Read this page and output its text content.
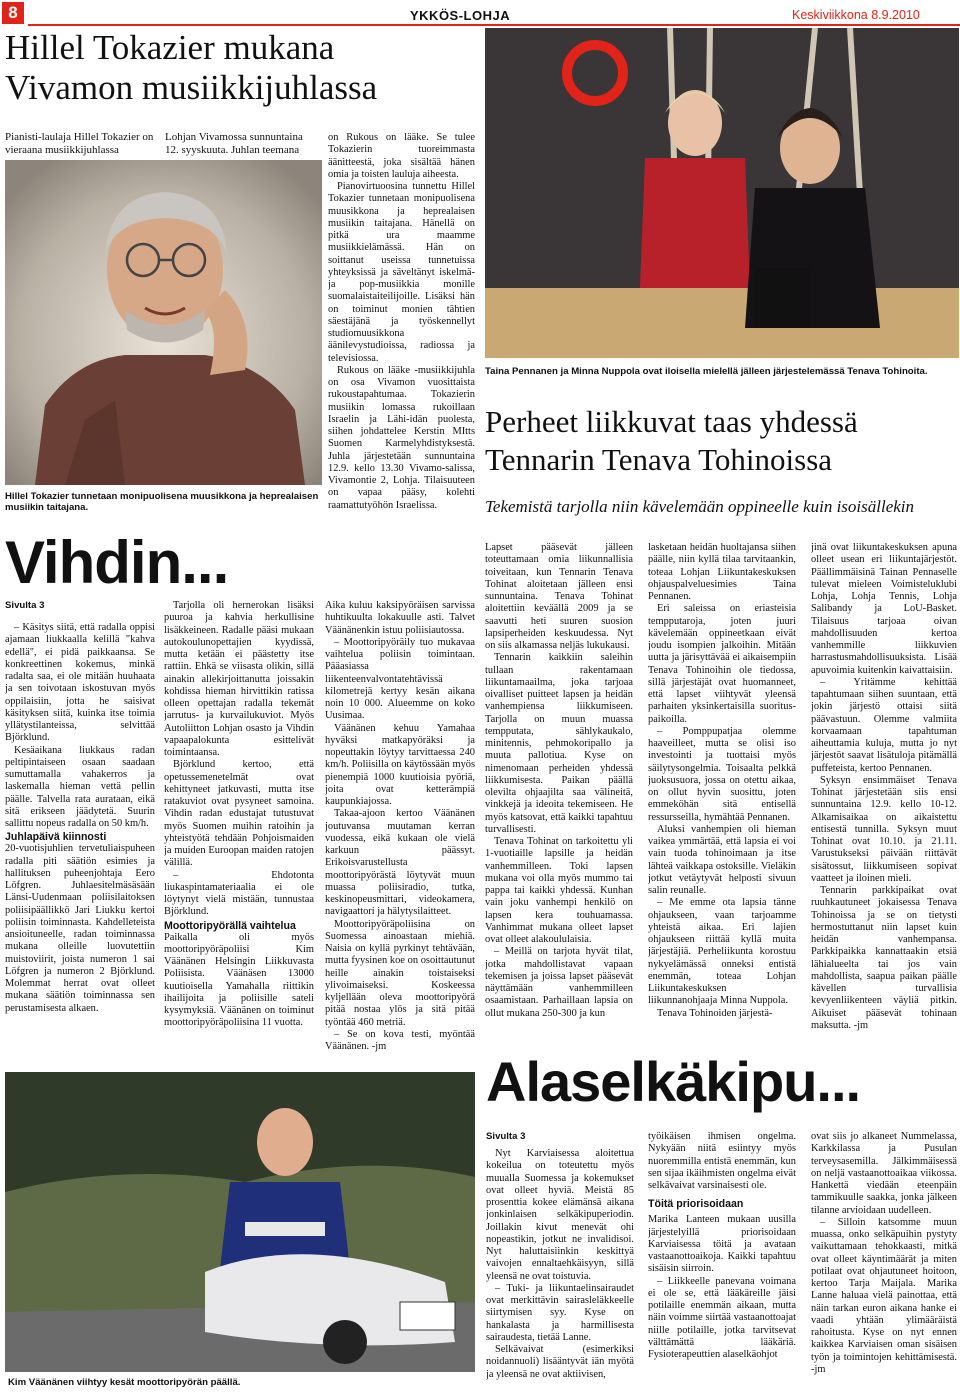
8	YKKÖS-LOHJA	Keskiviikkona 8.9.2010
Hillel Tokazier mukana
Vivamon musiikkijuhlassa
Pianisti-laulaja Hillel Tokazier on vieraana musiikkijuhlassa
Lohjan Vivamossa sunnuntaina 12. syyskuuta. Juhlan teemana
Hillel Tokazier tunnetaan monipuolisena muusikkona ja heprealaisen musiikin taitajana.

on Rukous on lääke. Se tulee Tokazierin tuoreimmasta äänitteestä, joka sisältää hänen omia ja toisten lauluja aiheesta.

Pianovirtuoosina tunnettu Hillel Tokazier tunnetaan monipuolisena muusikkona ja heprealaisen musiikin taitajana. Hänellä on pitkä ura maamme musiikkielämässä. Hän on soittanut useissa tunnetuissa yhteyksissä ja säveltänyt iskelmä- ja pop-musiikkia monille suomalaistaiteilijoille. Lisäksi hän on toiminut monien tähtien säestäjänä ja työskennellyt studiomuusikkona äänilevystudioissa, radiossa ja televisiossa.

Rukous on lääke -musiikkijuhla on osa Vivamon vuosittaista rukoustapahtumaa. Tokazierin musiikin lomassa rukoillaan Israelin ja Lähi-idän puolesta, siihen johdattelee Kerstin MItts Suomen Karmelyhdistyksestä. Juhla järjestetään sunnuntaina 12.9. kello 13.30 Vivamo-salissa, Vivamontie 2, Lohja. Tilaisuuteen on vapaa pääsy, kolehti raamattutyöhön Israelissa.

Taina Pennanen ja Minna Nuppola ovat iloisella mielellä jälleen järjestelemässä Tenava Tohinoita.
Perheet liikkuvat taas yhdessä
Tennarin Tenava Tohinoissa
Tekemistä tarjolla niin kävelemään oppineelle kuin isoisällekin

Lapset pääsevät jälleen toteuttamaan omia liikunnallisia toiveitaan, kun Tennarin Tenava Tohinat aloitetaan jälleen ensi sunnuntaina. Tenava Tohinat aloitettiin keväällä 2009 ja se saavutti heti suuren suosion lapsiperheiden keskuudessa. Nyt on siis alkamassa neljäs lukukausi.

Tennarin kaikkiin saleihin tullaan rakentamaan liikuntamaailma, joka tarjoaa oivalliset puitteet lapsen ja heidän vanhempiensa liikkumiseen. Tarjolla on muun muassa tempputata, sählykaukalo, minitennis, pehmokoripallo ja muuta pallotiua. Kyse on nimenomaan perheiden yhdessä liikkumisesta. Paikan päällä olevilta ohjaajilta saa välineitä, vinkkejä ja ideoita tekemiseen. He myös katsovat, että kaikki tapahtuu turvallisesti.

Tenava Tohinat on tarkoitettu yli 1-vuotiaille lapsille ja heidän vanhemmilleen. Toki lapsen mukana voi olla myös mummo tai pappa tai kaikki yhdessä. Kunhan vain joku vanhempi henkilö on lapsen kera touhuamassa. Vanhimmat mukana olleet lapset ovat olleet alakoululaisia.

– Meillä on tarjota hyvät tilat, jotka mahdollistavat vapaan tekemisen ja joissa lapset pääsevät näyttämään vanhemmilleen osaamistaan. Parhaillaan lapsia on ollut mukana 250-300 ja kun

lasketaan heidän huoltajansa siihen päälle, niin kyllä tilaa tarvitaankin, toteaa Lohjan Liikuntakeskuksen ohjauspalveluesimies Taina Pennanen.

Eri saleissa on eriasteisia tempputaroja, joten juuri kävelemään oppineetkaan eivät joudu isompien jalkoihin. Mitään uutta ja järisyttävää ei aikaisempiin Tenava Tohinoihin ole tiedossa, sillä järjestäjät ovat huomanneet, että lapset viihtyvät yleensä parhaiten yksinkertaisilla suoritus-paikoilla.

– Pomppupatjaa olemme haaveilleet, mutta se olisi iso investointi ja tuottaisi myös säilytysongelmia. Toisaalta pelkkä juoksusuora, jossa on otettu aikaa, on ollut hyvin suosittu, joten emmeköhän sitä entisellä ressursseilla, hymähtää Pennanen.

Aluksi vanhempien oli hieman vaikea ymmärtää, että lapsia ei voi vain tuoda tohinoimaan ja itse lähteä vaikkapa ostoksille. Vieläkin jotkut vetäytyvät helposti sivuun salin reunalle.

– Me emme ota lapsia tänne ohjaukseen, vaan tarjoamme yhteistä aikaa. Eri lajien ohjaukseen riittää kyllä muita järjestäjiä. Perheliikunta korostuu nykyelämässä onneksi entistä enemmän, toteaa Lohjan Liikuntakeskuksen liikunnanohjaaja Minna Nuppola.

Tenava Tohinoiden järjestä-

jinä ovat liikuntakeskuksen apuna olleet usean eri liikuntajärjestöt. Päällimmäisinä Tainan Pennaselle tulevat mieleen Voimisteluklubi Lohja, Lohja Tennis, Lohja Salibandy ja LoU-Basket. Tilaisuus tarjoaa oivan mahdollisuuden kertoa vanhemmille liikkuvien harrastusmahdollisuuksista. Lisää apuvoimia kuitenkin kaivattaisiin.

– Yritämme kehittää tapahtumaan siihen suuntaan, että jokin järjestö ottaisi siitä päävastuun. Olemme valmiita korvaamaan tapahtuman aiheuttamia kuluja, mutta jo nyt järjestöt saavat lisätuloja pitämällä puffeteista, kertoo Pennanen.

Syksyn ensimmäiset Tenava Tohinat järjestetään siis ensi sunnuntaina 12.9. kello 10-12. Alkamisaikaa on aikaistettu entisestä tunnilla. Syksyn muut Tohinat ovat 10.10. ja 21.11. Varustukseksi päivään riittävät sisätossut, liikkumiseen sopivat vaatteet ja iloinen mieli.

Tennarin parkkipaikat ovat ruuhkautuneet jokaisessa Tenava Tohinoissa ja se on tietysti hermostuttanut niin lapset kuin heidän vanhempansa. Parkkipaikka kannattaakin etsiä lähialueelta tai jos vain mahdollista, saapua paikan päälle kävellen turvallisia kevyenliikenteen väyliä pitkin. Aikuiset pääsevät tohinaan maksutta. -jm

Vihdin...
Sivulta 3

– Käsitys siitä, että radalla oppisi ajamaan liukkaalla kelillä "kahva edellä", ei pidä paikkaansa. Se konkreettinen kokemus, minkä radalta saa, ei ole mitään huuhaata ja sen toivotaan iskostuvan myös oppilaisiin, jotta he saisivat käsityksen siitä, kuinka itse toimia yllätystilanteissa, selvittää Björklund.

Kesäaikana liukkaus radan peltipintaiseen osaan saadaan sumuttamalla vahakerros ja laskemalla hieman vettä pellin päälle. Talvella rata aurataan, eikä sitä erikseen jäädytetä. Suurin sallittu nopeus radalla on 50 km/h.

Juhlapäivä kiinnosti

20-vuotisjuhlien tervetuliaispuheen radalla piti säätiön esimies ja hallituksen puheenjohtaja Eero Löfgren. Juhlaesitelmäsäsään Länsi-Uudenmaan poliisilaitoksen poliisipäällikkö Jari Liukku kertoi poliisin toiminnasta. Kahdelleteista ansioituneelle, radan toiminnassa mukana olleille luovutettiin muistoviirit, joista numeron 1 sai Löfgren ja numeron 2 Björklund. Molemmat herrat ovat olleet mukana säätiön toiminnassa sen perustamisesta alkaen.

Tarjolla oli hernerokan lisäksi puuroa ja kahvia herkullisine lisäkkeineen. Radalle pääsi mukaan autokoulunopettajien kyydissä, mutta ketään ei päästetty itse rattiin. Ehkä se viisasta olikin, sillä ainakin allekirjoittanutta joissakin kohdissa hieman hirvittikin ratissa olleen opettajan radalla tekemät jarrutus- ja kurvailukuviot. Myös Autoliitton Lohjan osasto ja Vihdin vapaapalokunta esittelivät toimintaansa.

Björklund kertoo, että opetussemenetelmät ovat kehittyneet jatkuvasti, mutta itse ratakuviot ovat pysyneet samoina. Vihdin radan edustajat tutustuvat myös Suomen muihin ratoihin ja yhteistyötä tehdään Pohjoismaiden ja muiden Euroopan maiden ratojen välillä.

– Ehdotonta liukaspintamateriaalia ei ole löytynyt vielä mistään, tunnustaa Björklund.

Moottoripyörällä vaihtelua

Paikalla oli myös moottoripyöräpoliisi Kim Väänänen Helsingin Liikkuvasta Poliisista. Väänäsen 13000 kuutioisella Yamahalla riittikin ihailijoita ja poliisille sateli kysymyksiä. Väänänen on toiminut moottoripyöräpoliisina 11 vuotta.

Aika kuluu kaksipyöräisen sarvissa huhtikuulta lokakuulle asti. Talvet Väänänenkin istuu poliisiautossa.

– Moottoripyöräily tuo mukavaa vaihtelua poliisin toimintaan. Pääasiassa liikenteenvalvontatehtävissä kilometrejä kertyy kesän aikana noin 10 000. Alueemme on koko Uusimaa.

Väänänen kehuu Yamahaa hyväksi matkapyöräksi ja nopeuttakin löytyy tarvittaessa 240 km/h. Poliisilla on käytössään myös pienempiä 1000 kuutioisia pyöriä, joita ovat ketterämpiä kaupunkiajossa.

Takaa-ajoon kertoo Väänänen joutuvansa muutaman kerran vuodessa, eikä kukaan ole vielä karkuun päässyt. Erikoisvarustellusta moottoripyörästä löytyvät muun muassa poliisiradio, tutka, keskinopeusmittari, videokamera, navigaattori ja hälytysilaitteet.

Moottoripyöräpoliisina on Suomessa ainoastaan miehiä. Naisia on kyllä pyrkinyt tehtävään, mutta fyysinen koe on osoittautunut heille ainakin toistaiseksi ylivoimaiseksi. Koskeessa kyljellään oleva moottoripyörä pitää nostaa ylös ja sitä pitää työntää 460 metriä.

– Se on kova testi, myöntää Väänänen. -jm

Kim Väänänen viihtyy kesät moottoripyörän päällä.
Alaselkäkipu...
Sivulta 3

Nyt Karviaisessa aloitettua kokeilua on toteutettu myös muualla Suomessa ja kokemukset ovat olleet hyviä. Meistä 85 prosenttia kokee elämänsä aikana jonkinlaisen selkäkipuperiodin. Joillakin kivut menevät ohi nopeastikin, jotkut ne invalidisoi. Nyt haluttaisiinkin keskittyä vaivojen ennaltaehkäisyyn, sillä yleensä ne ovat toistuvia.

– Tuki- ja liikuntaelinsairaudet ovat merkittävin sairasleläkkeelle siirtymisen syy. Kyse on hankalasta ja harmillisesta sairaudesta, tietää Lanne.

Selkävaivat (esimerkiksi noidannuoli) lisääntyvät iän myötä ja yleensä ne ovat aktiivisen,

työikäisen ihmisen ongelma. Nykyään niitä esiintyy myös nuoremmilla entistä enemmän, kun sen sijaa ikäihmisten ongelma eivät selkävaivat varsinaisesti ole.

Töitä priorisoidaan

Marika Lanteen mukaan uusilla järjestelyillä priorisoidaan Karviaisessa töitä ja avataan vastaanottoaikoja. Kaikki tapahtuu sisäisin siirroin.

– Liikkeelle panevana voimana ei ole se, että lääkäreille jäisi potilaille enemmän aikaan, mutta näin voimme siirtää vastaanottoajat niille potilaille, jotka tarvitsevat välttämättä lääkäriä. Fysioterapeuttien alaselkäohjot

ovat siis jo alkaneet Nummelassa, Karkkilassa ja Pusulan terveysasemilla. Jälkimmäisessä on neljä vastaanottoaikaa viikossa. Hankettä viedään eteenpäin tammikuulle saakka, jonka jälkeen tilanne arvioidaan uudelleen.

– Silloin katsomme muun muassa, onko selkäpuihin pystyty vaikuttamaan tehokkaasti, mitkä ovat olleet käyntimäärät ja miten potilaat ovat ohjautuneet hoitoon, kertoo Tarja Maijala. Marika Lanne haluaa vielä painottaa, että näin tarkan euron aikana hanke ei vaadi yhtään ylimääräistä rahoitusta. Kyse on nyt ennen kaikkea Karviaisen oman sisäisen työn ja toimintojen kehittämisestä. -jm
